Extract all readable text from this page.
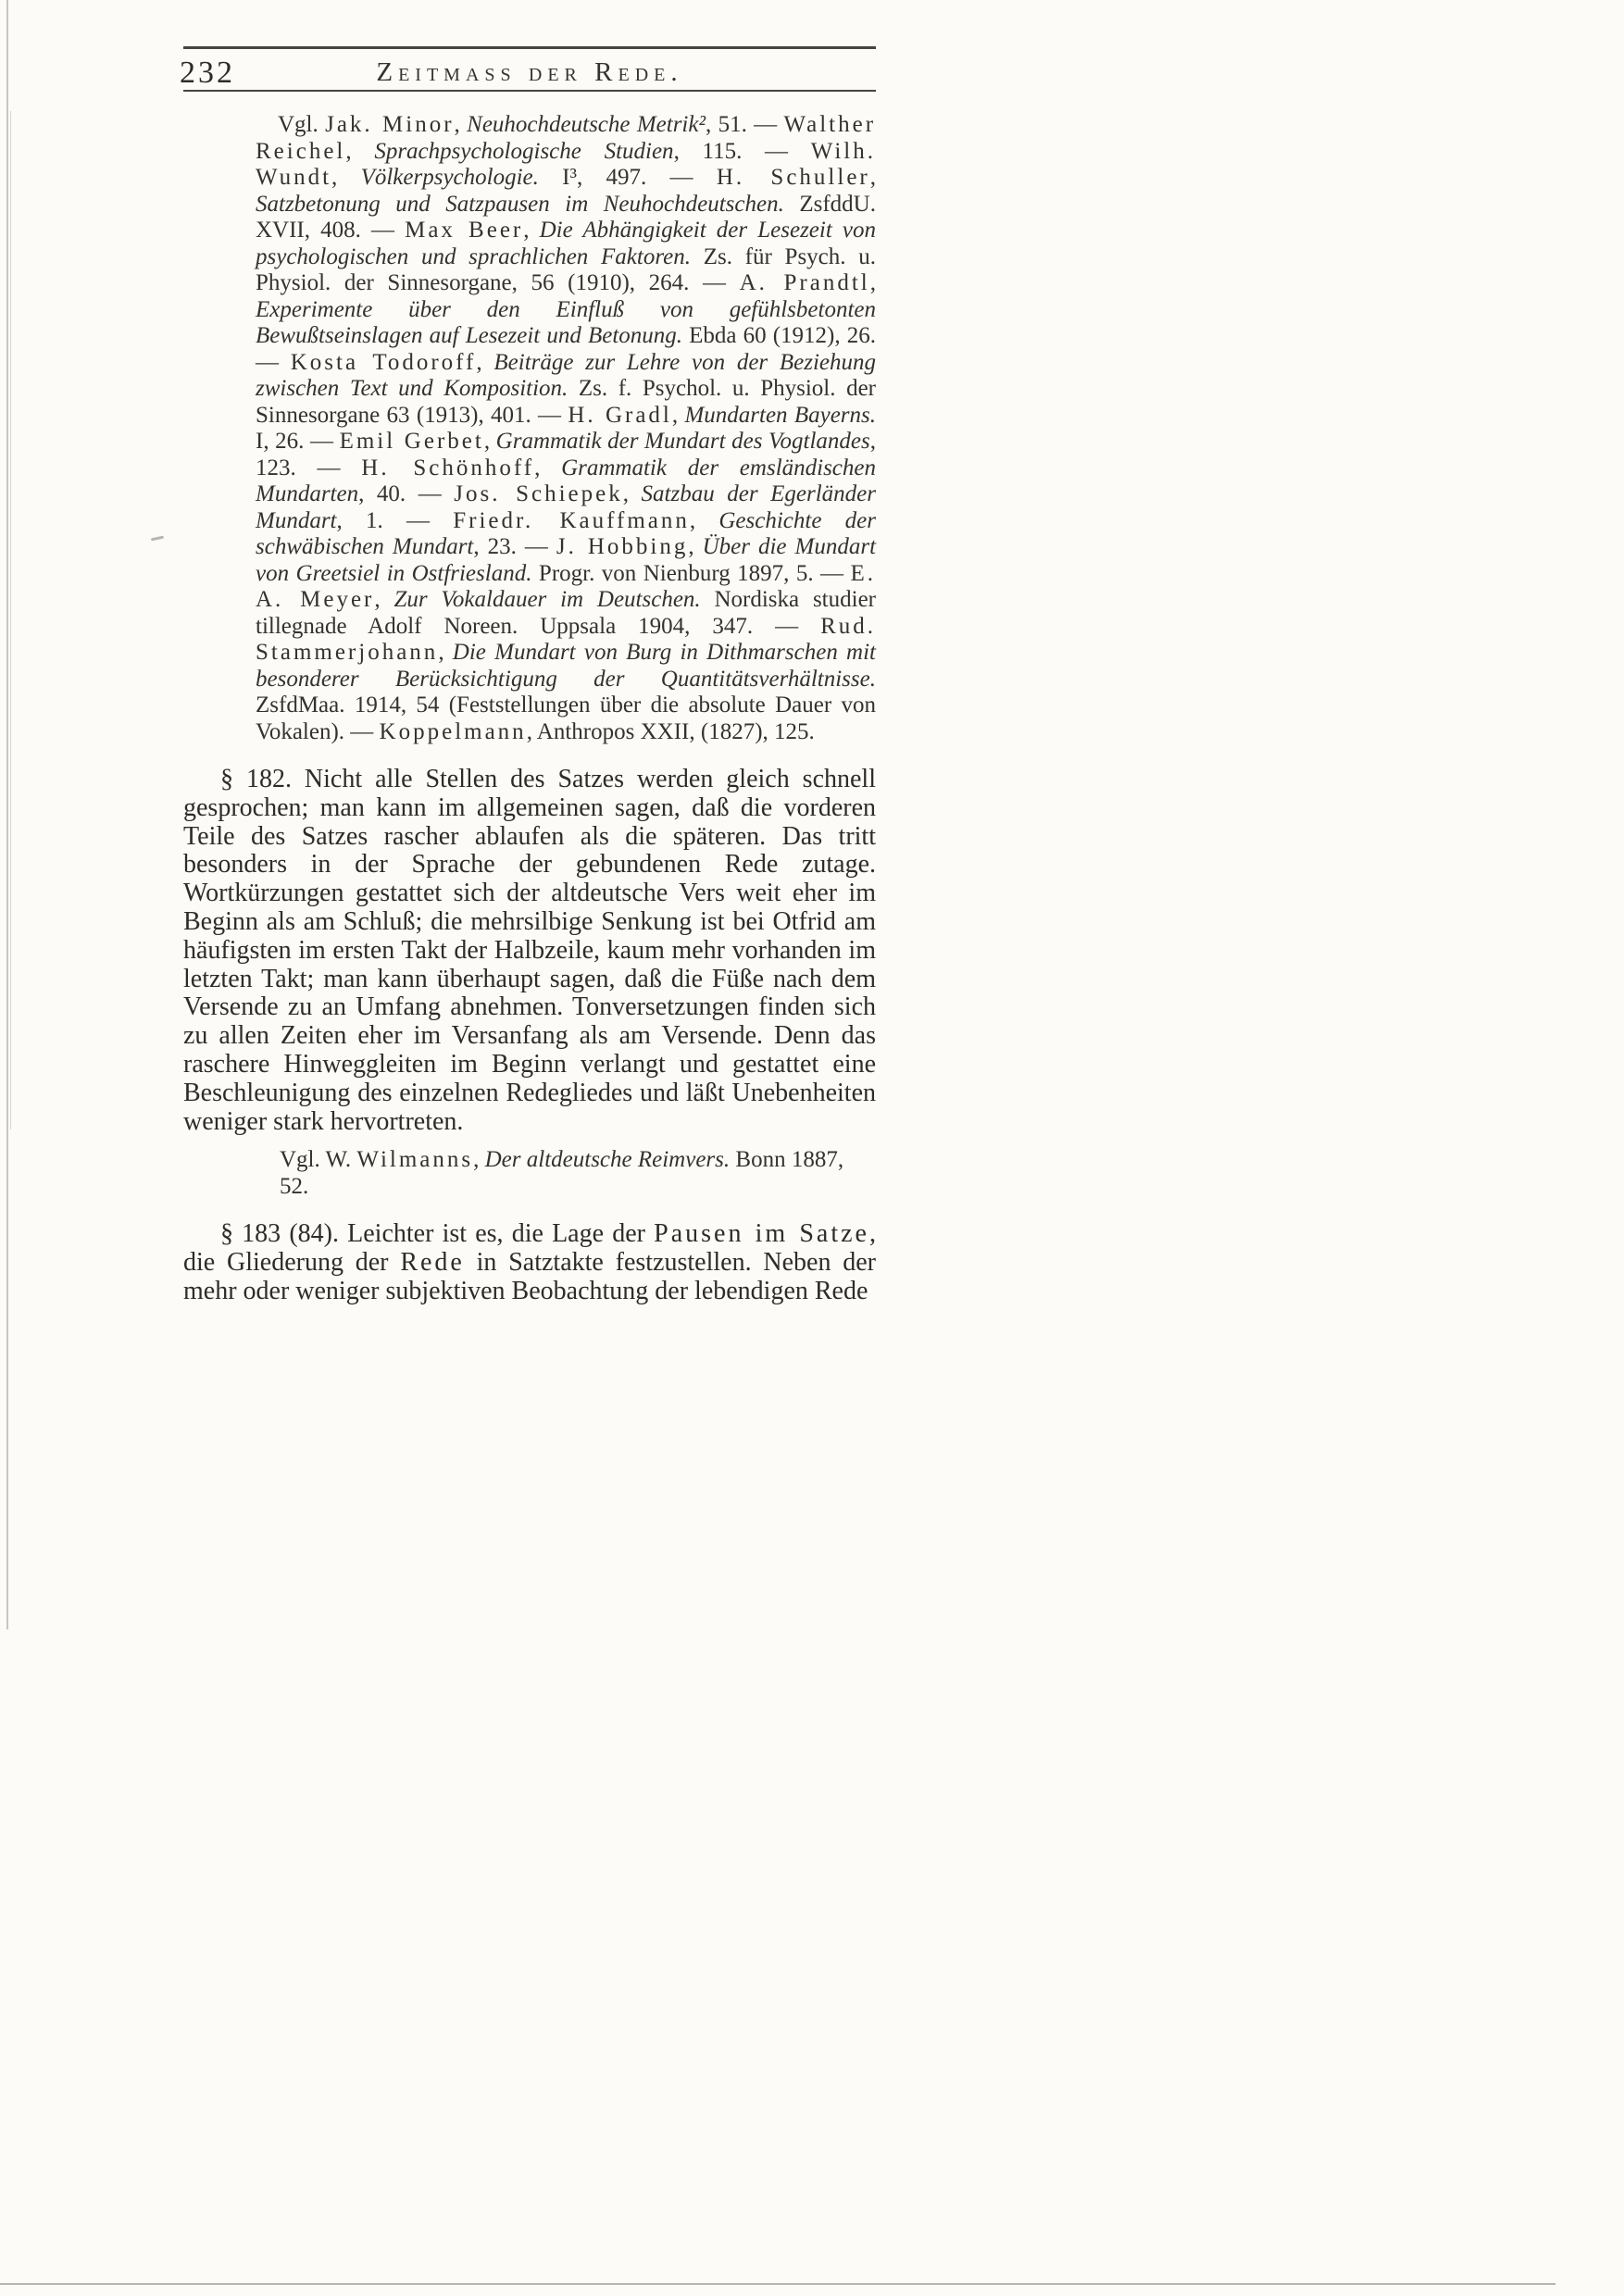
232	Zeitmass der Rede.

Vgl. Jak. Minor, Neuhochdeutsche Metrik², 51. — Walther Reichel, Sprachpsychologische Studien, 115. — Wilh. Wundt, Völkerpsychologie. I³, 497. — H. Schuller, Satzbetonung und Satzpausen im Neuhochdeutschen. ZsfddU. XVII, 408. — Max Beer, Die Abhängigkeit der Lesezeit von psychologischen und sprachlichen Faktoren. Zs. für Psych. u. Physiol. der Sinnesorgane, 56 (1910), 264. — A. Prandtl, Experimente über den Einfluß von gefühlsbetonten Bewußtseinslagen auf Lesezeit und Betonung. Ebda 60 (1912), 26. — Kosta Todoroff, Beiträge zur Lehre von der Beziehung zwischen Text und Komposition. Zs. f. Psychol. u. Physiol. der Sinnesorgane 63 (1913), 401. — H. Gradl, Mundarten Bayerns. I, 26. — Emil Gerbet, Grammatik der Mundart des Vogtlandes, 123. — H. Schönhoff, Grammatik der emsländischen Mundarten, 40. — Jos. Schiepek, Satzbau der Egerländer Mundart, 1. — Friedr. Kauffmann, Geschichte der schwäbischen Mundart, 23. — J. Hobbing, Über die Mundart von Greetsiel in Ostfriesland. Progr. von Nienburg 1897, 5. — E. A. Meyer, Zur Vokaldauer im Deutschen. Nordiska studier tillegnade Adolf Noreen. Uppsala 1904, 347. — Rud. Stammerjohann, Die Mundart von Burg in Dithmarschen mit besonderer Berücksichtigung der Quantitätsverhältnisse. ZsfdMaa. 1914, 54 (Feststellungen über die absolute Dauer von Vokalen). — Koppelmann, Anthropos XXII, (1827), 125.

§ 182. Nicht alle Stellen des Satzes werden gleich schnell gesprochen; man kann im allgemeinen sagen, daß die vorderen Teile des Satzes rascher ablaufen als die späteren. Das tritt besonders in der Sprache der gebundenen Rede zutage. Wortkürzungen gestattet sich der altdeutsche Vers weit eher im Beginn als am Schluß; die mehrsilbige Senkung ist bei Otfrid am häufigsten im ersten Takt der Halbzeile, kaum mehr vorhanden im letzten Takt; man kann überhaupt sagen, daß die Füße nach dem Versende zu an Umfang abnehmen. Tonversetzungen finden sich zu allen Zeiten eher im Versanfang als am Versende. Denn das raschere Hinweggleiten im Beginn verlangt und gestattet eine Beschleunigung des einzelnen Redegliedes und läßt Unebenheiten weniger stark hervortreten.

Vgl. W. Wilmanns, Der altdeutsche Reimvers. Bonn 1887, 52.

§ 183 (84). Leichter ist es, die Lage der Pausen im Satze, die Gliederung der Rede in Satztakte festzustellen. Neben der mehr oder weniger subjektiven Beobachtung der lebendigen Rede
